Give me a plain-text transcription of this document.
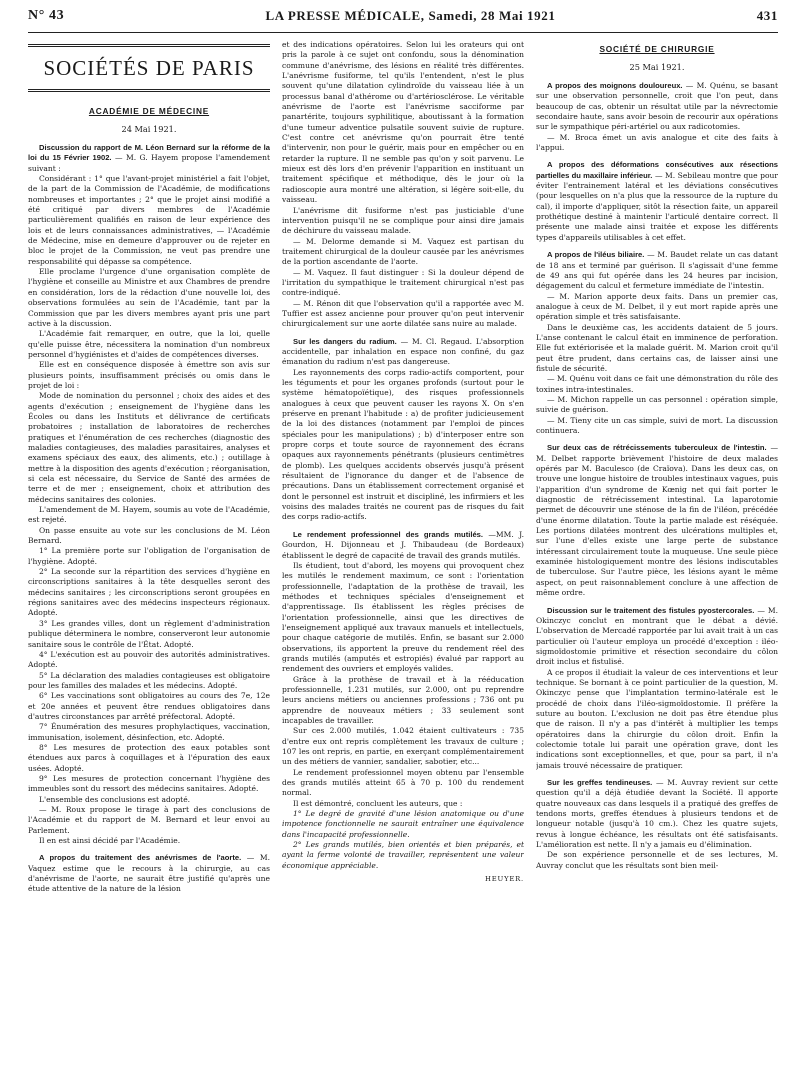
N° 43	LA PRESSE MÉDICALE, Samedi, 28 Mai 1921	431
SOCIÉTÉS DE PARIS
ACADÉMIE DE MÉDECINE
24 Mai 1921.

Discussion du rapport de M. Léon Bernard sur la réforme de la loi du 15 Février 1902. — M. G. Hayem propose l'amendement suivant :

Considérant : 1° que l'avant-projet ministériel a fait l'objet, de la part de la Commission de l'Académie, de modifications nombreuses et importantes ; 2° que le projet ainsi modifié a été critiqué par divers membres de l'Académie particulièrement qualifiés en raison de leur expérience des lois et de leurs connaissances administratives, — l'Académie de Médecine, mise en demeure d'approuver ou de rejeter en bloc le projet de la Commission, ne veut pas prendre une responsabilité qui dépasse sa compétence.

Elle proclame l'urgence d'une organisation complète de l'hygiène et conseille au Ministre et aux Chambres de prendre en considération, lors de la rédaction d'une nouvelle loi, des observations formulées au sein de l'Académie, tant par la Commission que par les divers membres ayant pris une part active à la discussion.

L'Académie fait remarquer, en outre, que la loi, quelle qu'elle puisse être, nécessitera la nomination d'un nombreux personnel d'hygiénistes et d'aides de compétences diverses.

Elle est en conséquence disposée à émettre son avis sur plusieurs points, insuffisamment précisés ou omis dans le projet de loi :

Mode de nomination du personnel ; choix des aides et des agents d'exécution ; enseignement de l'hygiène dans les Écoles ou dans les Instituts et délivrance de certificats probatoires ; installation de laboratoires de recherches pratiques et l'énumération de ces recherches (diagnostic des maladies contagieuses, des maladies parasitaires, analyses et examens spéciaux des eaux, des aliments, etc.) ; outillage à mettre à la disposition des agents d'exécution ; réorganisation, si cela est nécessaire, du Service de Santé des armées de terre et de mer ; enseignement, choix et attribution des médecins sanitaires des colonies.

L'amendement de M. Hayem, soumis au vote de l'Académie, est rejeté.

On passe ensuite au vote sur les conclusions de M. Léon Bernard.

1° La première porte sur l'obligation de l'organisation de l'hygiène. Adopté.

2° La seconde sur la répartition des services d'hygiène en circonscriptions sanitaires à la tête desquelles seront des médecins sanitaires ; les circonscriptions seront groupées en régions sanitaires avec des médecins inspecteurs régionaux. Adopté.

3° Les grandes villes, dont un règlement d'administration publique déterminera le nombre, conserveront leur autonomie sanitaire sous le contrôle de l'État. Adopté.

4° L'exécution est au pouvoir des autorités administratives. Adopté.

5° La déclaration des maladies contagieuses est obligatoire pour les familles des malades et les médecins. Adopté.

6° Les vaccinations sont obligatoires au cours des 7e, 12e et 20e années et peuvent être rendues obligatoires dans d'autres circonstances par arrêté préfectoral. Adopté.

7° Énumération des mesures prophylactiques, vaccination, immunisation, isolement, désinfection, etc. Adopté.

8° Les mesures de protection des eaux potables sont étendues aux parcs à coquillages et à l'épuration des eaux usées. Adopté.

9° Les mesures de protection concernant l'hygiène des immeubles sont du ressort des médecins sanitaires. Adopté.

L'ensemble des conclusions est adopté.

— M. Roux propose le tirage à part des conclusions de l'Académie et du rapport de M. Bernard et leur envoi au Parlement.

Il en est ainsi décidé par l'Académie.

A propos du traitement des anévrismes de l'aorte. — M. Vaquez estime que le recours à la chirurgie, au cas d'anévrisme de l'aorte, ne saurait être justifié qu'après une étude attentive de la nature de la lésion

et des indications opératoires. Selon lui les orateurs qui ont pris la parole à ce sujet ont confondu, sous la dénomination commune d'anévrisme, des lésions en réalité très différentes. L'anévrisme fusiforme, tel qu'ils l'entendent, n'est le plus souvent qu'une dilatation cylindroïde du vaisseau liée à un processus banal d'athérome ou d'artériosclérose. Le véritable anévrisme de l'aorte est l'anévrisme sacciforme par panartérite, toujours syphilitique, aboutissant à la formation d'une tumeur adventice pulsatile souvent suivie de rupture. C'est contre cet anévrisme qu'on pourrait être tenté d'intervenir, non pour le guérir, mais pour en empêcher ou en retarder la rupture. Il ne semble pas qu'on y soit parvenu. Le mieux est dès lors d'en prévenir l'apparition en instituant un traitement spécifique et méthodique, dès le jour où la radioscopie aura montré une altération, si légère soit-elle, du vaisseau.

L'anévrisme dit fusiforme n'est pas justiciable d'une intervention puisqu'il ne se complique pour ainsi dire jamais de déchirure du vaisseau malade.

— M. Delorme demande si M. Vaquez est partisan du traitement chirurgical de la douleur causée par les anévrismes de la portion ascendante de l'aorte.

— M. Vaquez. Il faut distinguer : Si la douleur dépend de l'irritation du sympathique le traitement chirurgical n'est pas contre-indiqué.

— M. Rénon dit que l'observation qu'il a rapportée avec M. Tuffier est assez ancienne pour prouver qu'on peut intervenir chirurgicalement sur une aorte dilatée sans nuire au malade.

Sur les dangers du radium. — M. Cl. Regaud. L'absorption accidentelle, par inhalation en espace non confiné, du gaz émanation du radium n'est pas dangereuse.

Les rayonnements des corps radio-actifs comportent, pour les téguments et pour les organes profonds (surtout pour le système hématopoïétique), des risques professionnels analogues à ceux que peuvent causer les rayons X. On s'en préserve en prenant l'habitude : a) de profiter judicieusement de la loi des distances (notamment par l'emploi de pinces spéciales pour les manipulations) ; b) d'interposer entre son propre corps et toute source de rayonnement des écrans opaques aux rayonnements pénétrants (plusieurs centimètres de plomb). Les quelques accidents observés jusqu'à présent résultaient de l'ignorance du danger et de l'absence de précautions. Dans un établissement correctement organisé et dont le personnel est instruit et discipliné, les infirmiers et les voisins des malades traités ne courent pas de risques du fait des corps radio-actifs.

Le rendement professionnel des grands mutilés. —MM. J. Gourdon, H. Dijonneau et J. Thibaudeau (de Bordeaux) établissent le degré de capacité de travail des grands mutilés.

Ils étudient, tout d'abord, les moyens qui provoquent chez les mutilés le rendement maximum, ce sont : l'orientation professionnelle, l'adaptation de la prothèse de travail, les méthodes et techniques spéciales d'enseignement et d'apprentissage. Ils établissent les règles précises de l'orientation professionnelle, ainsi que les directives de l'enseignement appliqué aux travaux manuels et intellectuels, pour chaque catégorie de mutilés. Enfin, se basant sur 2.000 observations, ils apportent la preuve du rendement réel des grands mutilés (amputés et estropiés) évalué par rapport au rendement des ouvriers et employés valides.

Grâce à la prothèse de travail et à la rééducation professionnelle, 1.231 mutilés, sur 2.000, ont pu reprendre leurs anciens métiers ou anciennes professions ; 736 ont pu apprendre de nouveaux métiers ; 33 seulement sont incapables de travailler.

Sur ces 2.000 mutilés, 1.042 étaient cultivateurs : 735 d'entre eux ont repris complètement les travaux de culture ; 107 les ont repris, en partie, en exerçant complémentairement un des métiers de vannier, sandalier, sabotier, etc...

Le rendement professionnel moyen obtenu par l'ensemble des grands mutilés atteint 65 à 70 p. 100 du rendement normal.

Il est démontré, concluent les auteurs, que :

1° Le degré de gravité d'une lésion anatomique ou d'une impotence fonctionnelle ne saurait entraîner une équivalence dans l'incapacité professionnelle.

2° Les grands mutilés, bien orientés et bien préparés, et ayant la ferme volonté de travailler, représentent une valeur économique appréciable.

HEUYER.
SOCIÉTÉ DE CHIRURGIE
25 Mai 1921.

A propos des moignons douloureux. — M. Quénu, se basant sur une observation personnelle, croit que l'on peut, dans beaucoup de cas, obtenir un résultat utile par la névrectomie secondaire haute, sans avoir besoin de recourir aux opérations sur le sympathique péri-artériel ou aux radicotomies.

— M. Broca émet un avis analogue et cite des faits à l'appui.

A propos des déformations consécutives aux résections partielles du maxillaire inférieur. — M. Sebileau montre que pour éviter l'entrainement latéral et les déviations consécutives (pour lesquelles on n'a plus que la ressource de la rupture du cal), il importe d'appliquer, sitôt la résection faite, un appareil prothétique destiné à maintenir l'articulé dentaire correct. Il présente une malade ainsi traitée et expose les différents types d'appareils utilisables à cet effet.

A propos de l'iléus biliaire. — M. Baudet relate un cas datant de 18 ans et terminé par guérison. Il s'agissait d'une femme de 49 ans qui fut opérée dans les 24 heures par incision, dégagement du calcul et fermeture immédiate de l'intestin.

— M. Marion apporte deux faits. Dans un premier cas, analogue à ceux de M. Delbet, il y eut mort rapide après une opération simple et très satisfaisante.

Dans le deuxième cas, les accidents dataient de 5 jours. L'anse contenant le calcul était en imminence de perforation. Elle fut extériorisée et la malade guérit. M. Marion croit qu'il peut être prudent, dans certains cas, de laisser ainsi une fistule de sécurité.

— M. Quénu voit dans ce fait une démonstration du rôle des toxines intra-intestinales.

— M. Michon rappelle un cas personnel : opération simple, suivie de guérison.

— M. Tieny cite un cas simple, suivi de mort. La discussion continuera.

Sur deux cas de rétrécissements tuberculeux de l'intestin. — M. Delbet rapporte brièvement l'histoire de deux malades opérés par M. Baculesco (de Craïova). Dans les deux cas, on trouve une longue histoire de troubles intestinaux vagues, puis l'apparition d'un syndrome de Kœnig net qui fait porter le diagnostic de rétrécissement intestinal. La laparotomie permet de découvrir une sténose de la fin de l'iléon, précédée d'une énorme dilatation. Toute la partie malade est réséquée. Les portions dilatées montrent des ulcérations multiples et, sur l'une d'elles existe une large perte de substance intéressant circulairement toute la muqueuse. Une seule pièce examinée histologiquement montre des lésions indiscutables de tuberculose. Sur l'autre pièce, les lésions ayant le même aspect, on peut raisonnablement conclure à une affection de même ordre.

Discussion sur le traitement des fistules pyostercorales. — M. Okinczyc conclut en montrant que le débat a dévié. L'observation de Mercadé rapportée par lui avait trait à un cas particulier où l'auteur employa un procédé d'exception : iléo-sigmoïdostomie primitive et résection secondaire du côlon droit inclus et fistulisé.

A ce propos il étudiait la valeur de ces interventions et leur technique. Se bornant à ce point particulier de la question, M. Okinczyc pense que l'implantation termino-latérale est le procédé de choix dans l'iléo-sigmoïdostomie. Il préfère la suture au bouton. L'exclusion ne doit pas être étendue plus que de raison. Il n'y a pas d'intérêt à multiplier les temps opératoires dans la chirurgie du côlon droit. Enfin la colectomie totale lui parait une opération grave, dont les indications sont exceptionnelles, et que, pour sa part, il n'a jamais trouvé nécessaire de pratiquer.

Sur les greffes tendineuses. — M. Auvray revient sur cette question qu'il a déjà étudiée devant la Société. Il apporte quatre nouveaux cas dans lesquels il a pratiqué des greffes de tendons morts, greffes étendues à plusieurs tendons et de longueur notable (jusqu'à 10 cm.). Chez les quatre sujets, revus à longue échéance, les résultats ont été satisfaisants. L'amélioration est nette. Il n'y a jamais eu d'élimination.

De son expérience personnelle et de ses lectures, M. Auvray conclut que les résultats sont bien meil-
